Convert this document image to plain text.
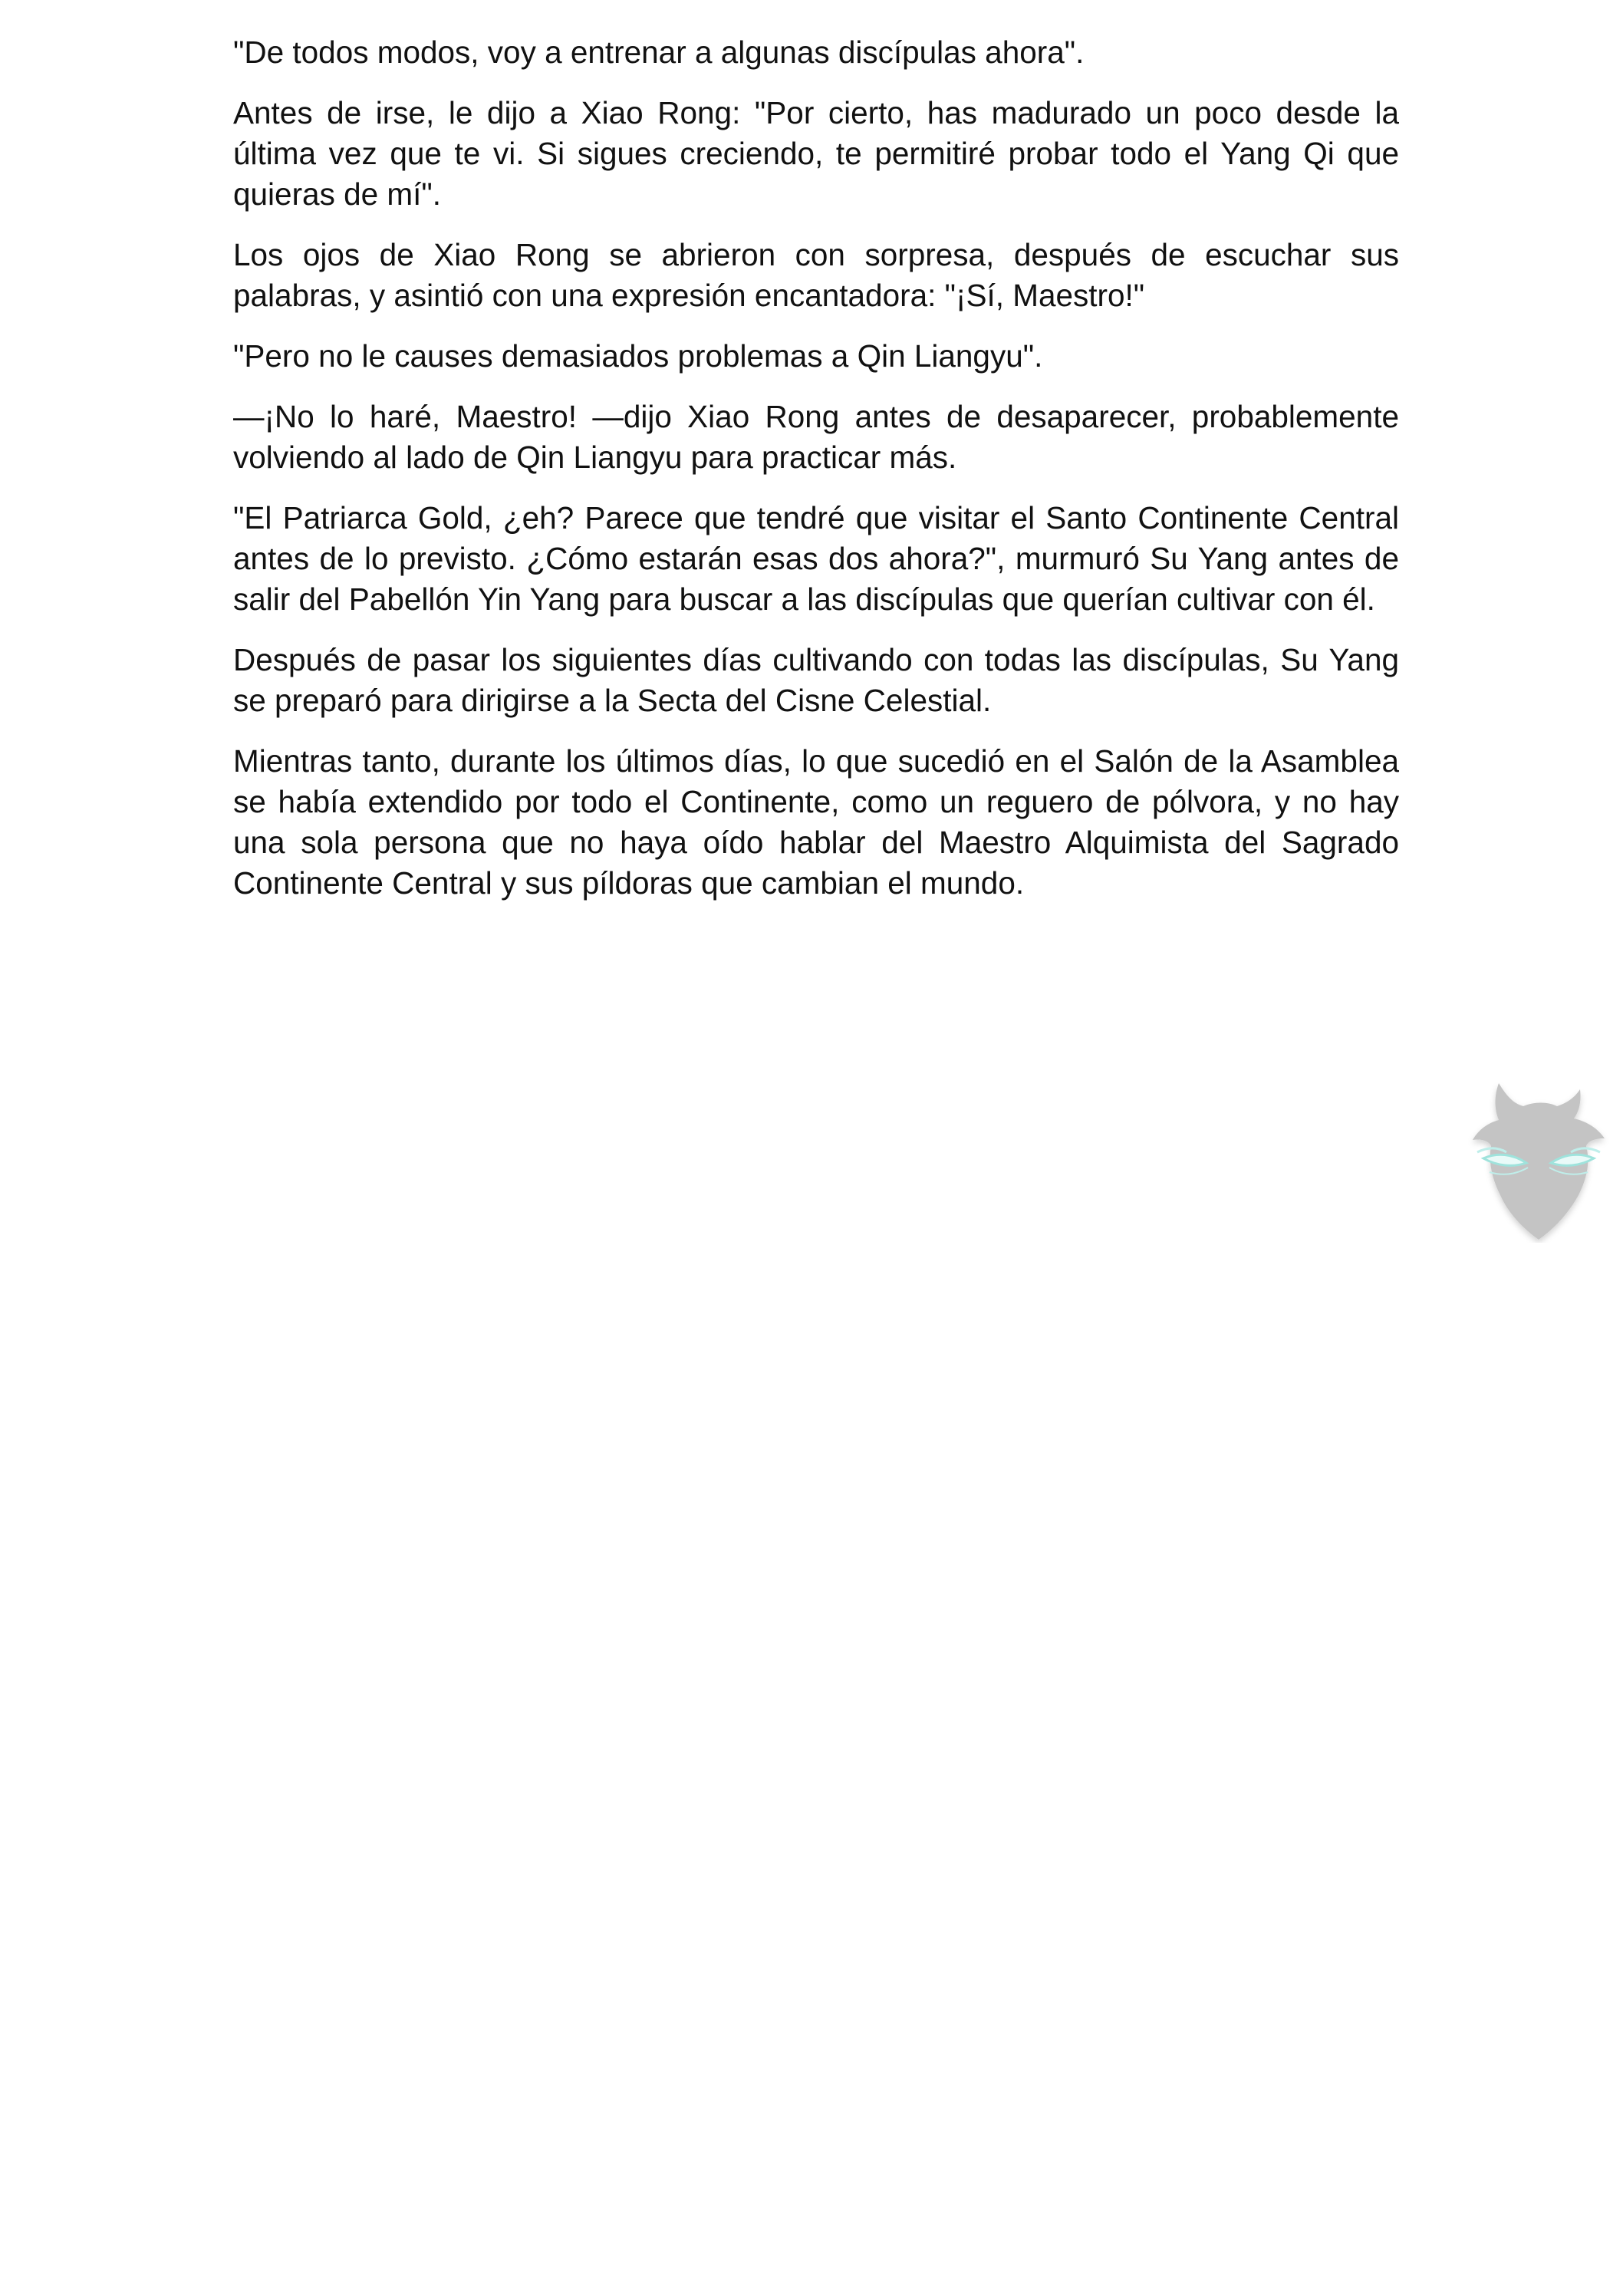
"De todos modos, voy a entrenar a algunas discípulas ahora".

Antes de irse, le dijo a Xiao Rong: "Por cierto, has madurado un poco desde la última vez que te vi. Si sigues creciendo, te permitiré probar todo el Yang Qi que quieras de mí".

Los ojos de Xiao Rong se abrieron con sorpresa, después de escuchar sus palabras, y asintió con una expresión encantadora: "¡Sí, Maestro!"

"Pero no le causes demasiados problemas a Qin Liangyu".

—¡No lo haré, Maestro! —dijo Xiao Rong antes de desaparecer, probablemente volviendo al lado de Qin Liangyu para practicar más.

"El Patriarca Gold, ¿eh? Parece que tendré que visitar el Santo Continente Central antes de lo previsto. ¿Cómo estarán esas dos ahora?", murmuró Su Yang antes de salir del Pabellón Yin Yang para buscar a las discípulas que querían cultivar con él.

Después de pasar los siguientes días cultivando con todas las discípulas, Su Yang se preparó para dirigirse a la Secta del Cisne Celestial.

Mientras tanto, durante los últimos días, lo que sucedió en el Salón de la Asamblea se había extendido por todo el Continente, como un reguero de pólvora, y no hay una sola persona que no haya oído hablar del Maestro Alquimista del Sagrado Continente Central y sus píldoras que cambian el mundo.
